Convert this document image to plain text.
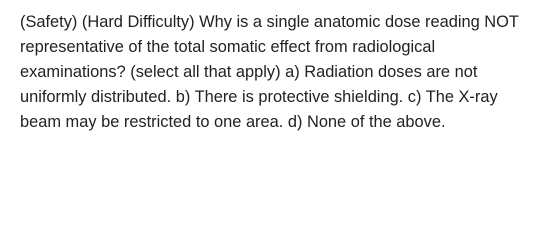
(Safety) (Hard Difficulty) Why is a single anatomic dose reading NOT representative of the total somatic effect from radiological examinations? (select all that apply) a) Radiation doses are not uniformly distributed. b) There is protective shielding. c) The X-ray beam may be restricted to one area. d) None of the above.
